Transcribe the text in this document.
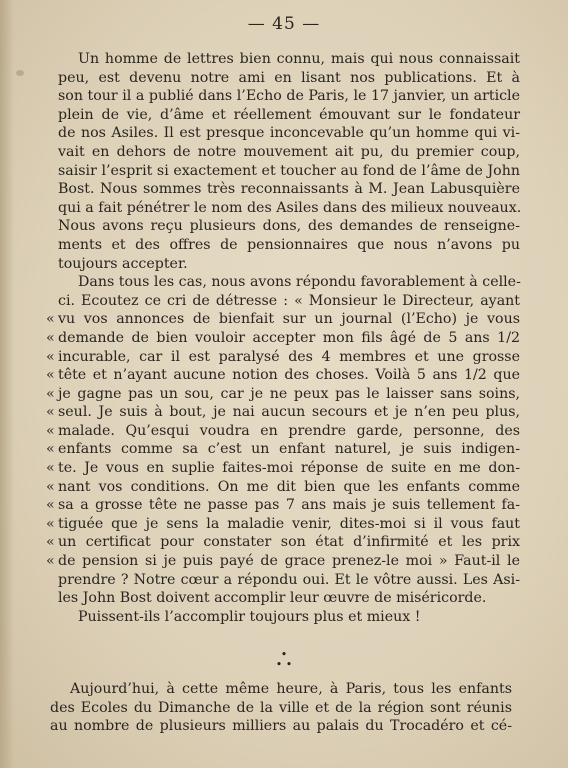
— 45 —
Un homme de lettres bien connu, mais qui nous connaissait
peu, est devenu notre ami en lisant nos publications. Et à
son tour il a publié dans l’Echo de Paris, le 17 janvier, un article
plein de vie, d’âme et réellement émouvant sur le fondateur
de nos Asiles. Il est presque inconcevable qu’un homme qui vi-
vait en dehors de notre mouvement ait pu, du premier coup,
saisir l’esprit si exactement et toucher au fond de l’âme de John
Bost. Nous sommes très reconnaissants à M. Jean Labusquière
qui a fait pénétrer le nom des Asiles dans des milieux nouveaux.
Nous avons reçu plusieurs dons, des demandes de renseigne-
ments et des offres de pensionnaires que nous n’avons pu
toujours accepter.
Dans tous les cas, nous avons répondu favorablement à celle-
ci. Ecoutez ce cri de détresse : « Monsieur le Directeur, ayant
« vu vos annonces de bienfait sur un journal (l’Echo) je vous
« demande de bien vouloir accepter mon fils âgé de 5 ans 1/2
« incurable, car il est paralysé des 4 membres et une grosse
« tête et n’ayant aucune notion des choses. Voilà 5 ans 1/2 que
« je gagne pas un sou, car je ne peux pas le laisser sans soins,
« seul. Je suis à bout, je nai aucun secours et je n’en peu plus,
« malade. Qu’esqui voudra en prendre garde, personne, des
« enfants comme sa c’est un enfant naturel, je suis indigen-
« te. Je vous en suplie faites-moi réponse de suite en me don-
« nant vos conditions. On me dit bien que les enfants comme
« sa a grosse tête ne passe pas 7 ans mais je suis tellement fa-
« tiguée que je sens la maladie venir, dites-moi si il vous faut
« un certificat pour constater son état d’infirmité et les prix
« de pension si je puis payé de grace prenez-le moi » Faut-il le
prendre ? Notre cœur a répondu oui. Et le vôtre aussi. Les Asi-
les John Bost doivent accomplir leur œuvre de miséricorde.
Puissent-ils l’accomplir toujours plus et mieux !
•
• •
Aujourd’hui, à cette même heure, à Paris, tous les enfants
des Ecoles du Dimanche de la ville et de la région sont réunis
au nombre de plusieurs milliers au palais du Trocadéro et cé-
